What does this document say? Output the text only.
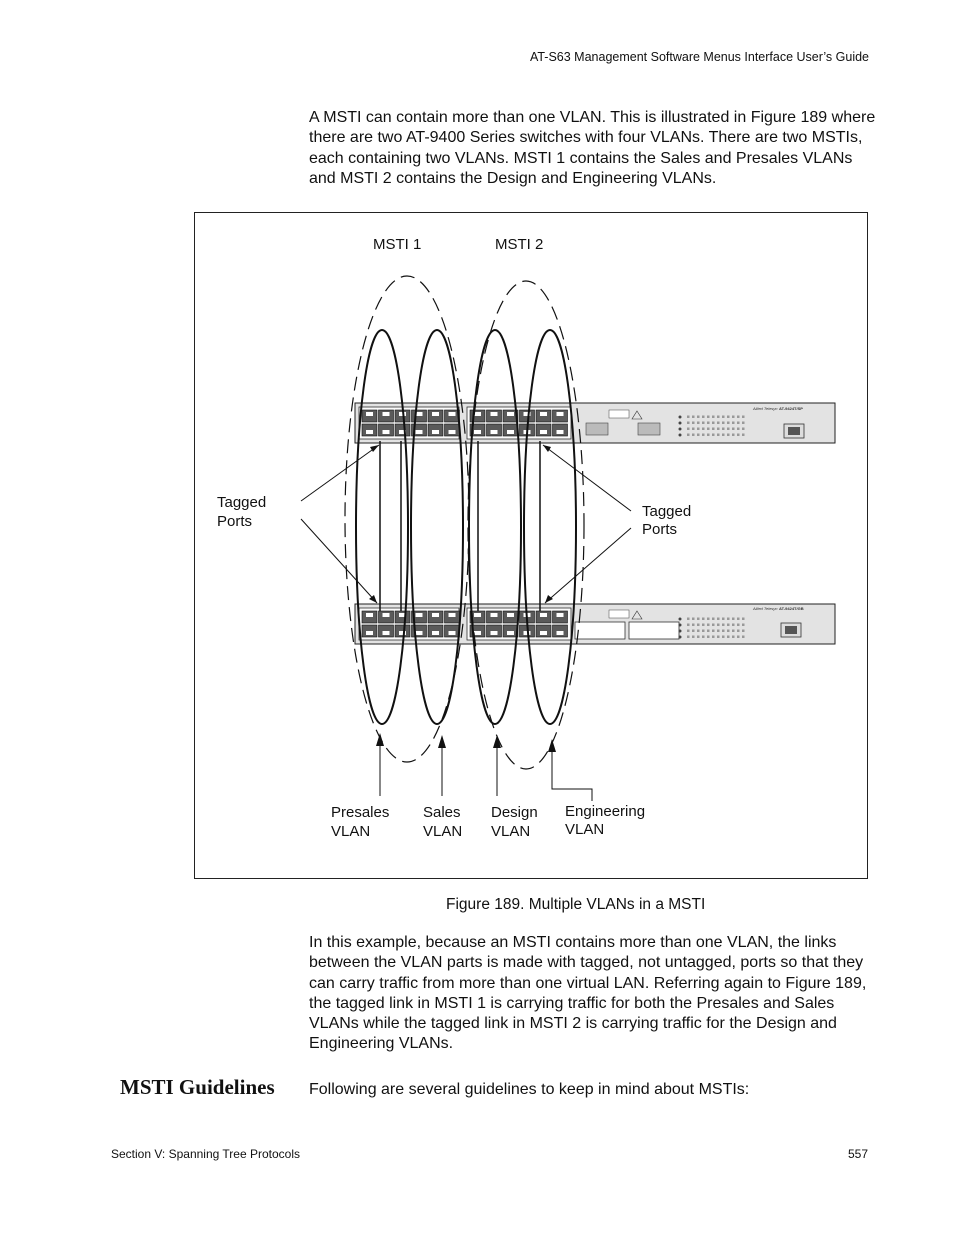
AT-S63 Management Software Menus Interface User’s Guide

A MSTI can contain more than one VLAN. This is illustrated in Figure 189 where there are two AT-9400 Series switches with four VLANs. There are two MSTIs, each containing two VLANs. MSTI 1 contains the Sales and Presales VLANs and MSTI 2 contains the Design and Engineering VLANs.

AT-9424T/SP
Allied Telesyn
AT-9424T/GB
Allied Telesyn
MSTI 1	MSTI 2
Tagged
Ports
Tagged
Ports
Presales
VLAN
Sales
VLAN
Design
VLAN
Engineering
VLAN
Figure 189. Multiple VLANs in a MSTI

In this example, because an MSTI contains more than one VLAN, the links between the VLAN parts is made with tagged, not untagged, ports so that they can carry traffic from more than one virtual LAN. Referring again to Figure 189, the tagged link in MSTI 1 is carrying traffic for both the Presales and Sales VLANs while the tagged link in MSTI 2 is carrying traffic for the Design and Engineering VLANs.

MSTI Guidelines Following are several guidelines to keep in mind about MSTIs:

Section V: Spanning Tree Protocols	557
